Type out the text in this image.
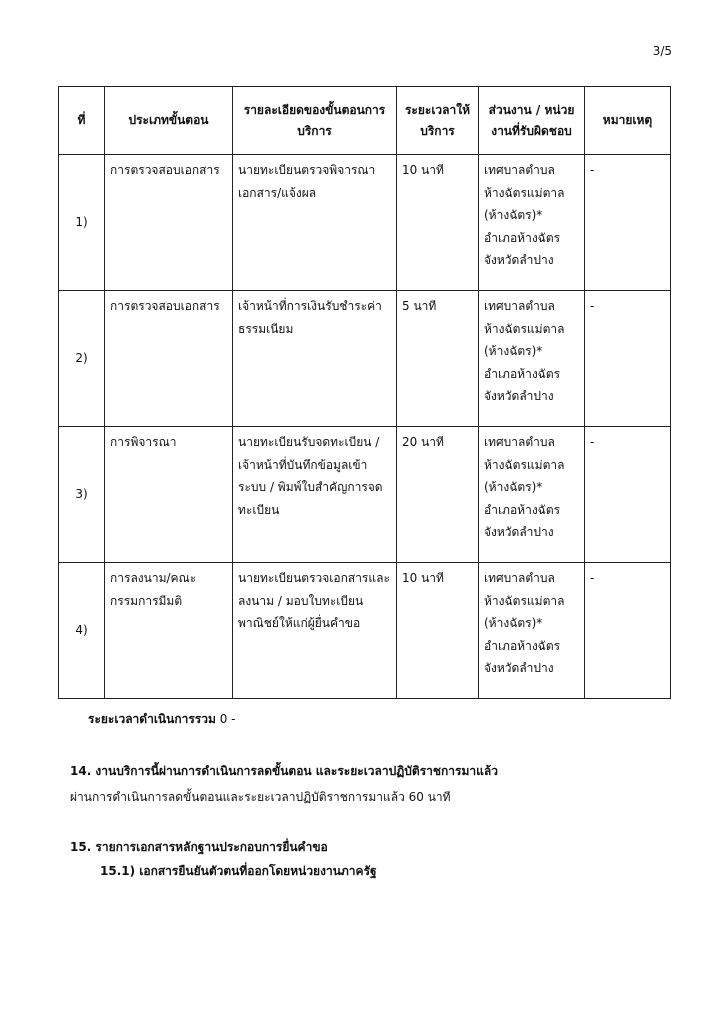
3/5
ที่	ประเภทขั้นตอน	รายละเอียดของขั้นตอนการบริการ	ระยะเวลาให้บริการ	ส่วนงาน / หน่วยงานที่รับผิดชอบ	หมายเหตุ
1)	การตรวจสอบเอกสาร	นายทะเบียนตรวจพิจารณาเอกสาร/แจ้งผล	10 นาที	เทศบาลตำบลห้างฉัตรแม่ตาล (ห้างฉัตร)* อำเภอห้างฉัตร จังหวัดลำปาง	-
2)	การตรวจสอบเอกสาร	เจ้าหน้าที่การเงินรับชำระค่าธรรมเนียม	5 นาที	เทศบาลตำบลห้างฉัตรแม่ตาล (ห้างฉัตร)* อำเภอห้างฉัตร จังหวัดลำปาง	-
3)	การพิจารณา	นายทะเบียนรับจดทะเบียน / เจ้าหน้าที่บันทึกข้อมูลเข้าระบบ / พิมพ์ใบสำคัญการจดทะเบียน	20 นาที	เทศบาลตำบลห้างฉัตรแม่ตาล (ห้างฉัตร)* อำเภอห้างฉัตร จังหวัดลำปาง	-
4)	การลงนาม/คณะกรรมการมีมติ	นายทะเบียนตรวจเอกสารและลงนาม / มอบใบทะเบียนพาณิชย์ให้แก่ผู้ยื่นคำขอ	10 นาที	เทศบาลตำบลห้างฉัตรแม่ตาล (ห้างฉัตร)* อำเภอห้างฉัตร จังหวัดลำปาง	-
ระยะเวลาดำเนินการรวม 0 -
14. งานบริการนี้ผ่านการดำเนินการลดขั้นตอน และระยะเวลาปฏิบัติราชการมาแล้ว
ผ่านการดำเนินการลดขั้นตอนและระยะเวลาปฏิบัติราชการมาแล้ว 60 นาที
15. รายการเอกสารหลักฐานประกอบการยื่นคำขอ
15.1) เอกสารยืนยันตัวตนที่ออกโดยหน่วยงานภาครัฐ
